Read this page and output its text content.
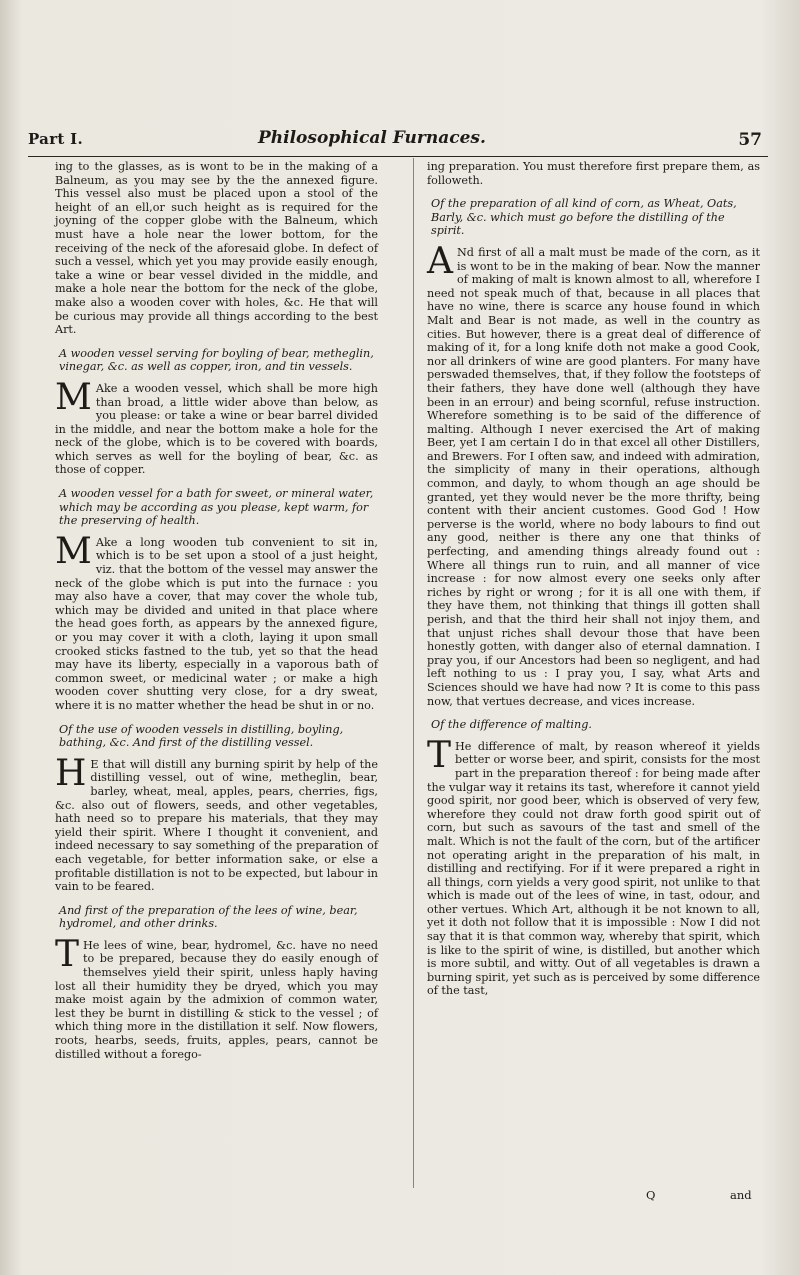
Part I.	Philosophical Furnaces.	57

ing to the glasses, as is wont to be in the making of a Balneum, as you may see by the the annexed figure. This vessel also must be placed upon a stool of the height of an ell,or such height as is required for the joyning of the copper globe with the Balneum, which must have a hole near the lower bottom, for the receiving of the neck of the aforesaid globe. In defect of such a vessel, which yet you may provide easily enough, take a wine or bear vessel divided in the middle, and make a hole near the bottom for the neck of the globe, make also a wooden cover with holes, &c. He that will be curious may provide all things according to the best Art.

A wooden vessel serving for boyling of bear, metheglin, vinegar, &c. as well as copper, iron, and tin vessels.

M Ake a wooden vessel, which shall be more high than broad, a little wider above than below, as you please: or take a wine or bear barrel divided in the middle, and near the bottom make a hole for the neck of the globe, which is to be covered with boards, which serves as well for the boyling of bear, &c. as those of copper.

A wooden vessel for a bath for sweet, or mineral water, which may be according as you please, kept warm, for the preserving of health.

M Ake a long wooden tub convenient to sit in, which is to be set upon a stool of a just height, viz. that the bottom of the vessel may answer the neck of the globe which is put into the furnace : you may also have a cover, that may cover the whole tub, which may be divided and united in that place where the head goes forth, as appears by the annexed figure, or you may cover it with a cloth, laying it upon small crooked sticks fastned to the tub, yet so that the head may have its liberty, especially in a vaporous bath of common sweet, or medicinal water ; or make a high wooden cover shutting very close, for a dry sweat, where it is no matter whether the head be shut in or no.

Of the use of wooden vessels in distilling, boyling, bathing, &c. And first of the distilling vessel.

H E that will distill any burning spirit by help of the distilling vessel, out of wine, metheglin, bear, barley, wheat, meal, apples, pears, cherries, figs, &c. also out of flowers, seeds, and other vegetables, hath need so to prepare his materials, that they may yield their spirit. Where I thought it convenient, and indeed necessary to say something of the preparation of each vegetable, for better information sake, or else a profitable distillation is not to be expected, but labour in vain to be feared.

And first of the preparation of the lees of wine, bear, hydromel, and other drinks.

T He lees of wine, bear, hydromel, &c. have no need to be prepared, because they do easily enough of themselves yield their spirit, unless haply having lost all their humidity they be dryed, which you may make moist again by the admixion of common water, lest they be burnt in distilling & stick to the vessel ; of which thing more in the distillation it self. Now flowers, roots, hearbs, seeds, fruits, apples, pears, cannot be distilled without a forego-

ing preparation. You must therefore first prepare them, as followeth.

Of the preparation of all kind of corn, as Wheat, Oats, Barly, &c. which must go before the distilling of the spirit.

A Nd first of all a malt must be made of the corn, as it is wont to be in the making of bear. Now the manner of making of malt is known almost to all, wherefore I need not speak much of that, because in all places that have no wine, there is scarce any house found in which Malt and Bear is not made, as well in the country as cities. But however, there is a great deal of difference of making of it, for a long knife doth not make a good Cook, nor all drinkers of wine are good planters. For many have perswaded themselves, that, if they follow the footsteps of their fathers, they have done well (although they have been in an errour) and being scornful, refuse instruction. Wherefore something is to be said of the difference of malting. Although I never exercised the Art of making Beer, yet I am certain I do in that excel all other Distillers, and Brewers. For I often saw, and indeed with admiration, the simplicity of many in their operations, although common, and dayly, to whom though an age should be granted, yet they would never be the more thrifty, being content with their ancient customes. Good God ! How perverse is the world, where no body labours to find out any good, neither is there any one that thinks of perfecting, and amending things already found out : Where all things run to ruin, and all manner of vice increase : for now almost every one seeks only after riches by right or wrong ; for it is all one with them, if they have them, not thinking that things ill gotten shall perish, and that the third heir shall not injoy them, and that unjust riches shall devour those that have been honestly gotten, with danger also of eternal damnation. I pray you, if our Ancestors had been so negligent, and had left nothing to us : I pray you, I say, what Arts and Sciences should we have had now ? It is come to this pass now, that vertues decrease, and vices increase.

Of the difference of malting.

T He difference of malt, by reason whereof it yields better or worse beer, and spirit, consists for the most part in the preparation thereof : for being made after the vulgar way it retains its tast, wherefore it cannot yield good spirit, nor good beer, which is observed of very few, wherefore they could not draw forth good spirit out of corn, but such as savours of the tast and smell of the malt. Which is not the fault of the corn, but of the artificer not operating aright in the preparation of his malt, in distilling and rectifying. For if it were prepared a right in all things, corn yields a very good spirit, not unlike to that which is made out of the lees of wine, in tast, odour, and other vertues. Which Art, although it be not known to all, yet it doth not follow that it is impossible : Now I did not say that it is that common way, whereby that spirit, which is like to the spirit of wine, is distilled, but another which is more subtil, and witty. Out of all vegetables is drawn a burning spirit, yet such as is perceived by some difference of the tast,

Q	and
